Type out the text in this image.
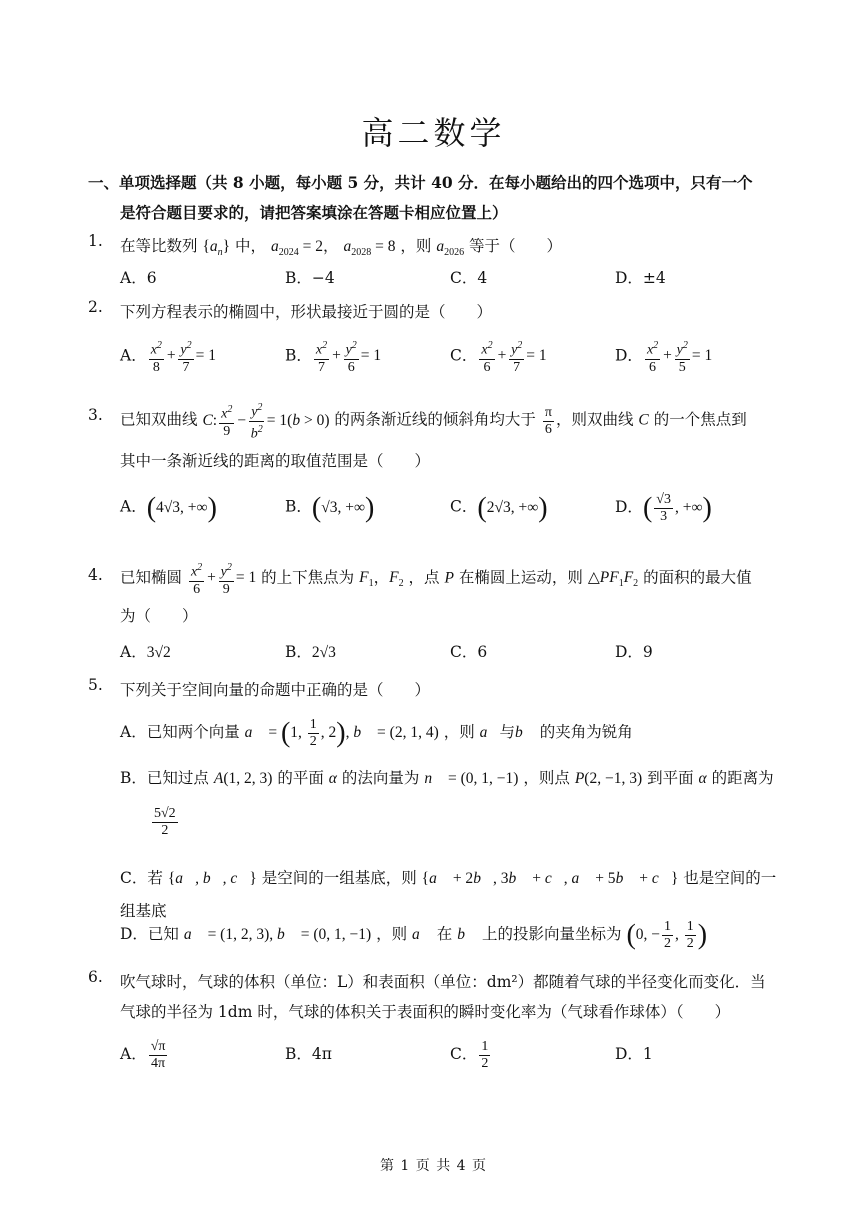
高二数学
一、单项选择题（共 8 小题，每小题 5 分，共计 40 分．在每小题给出的四个选项中，只有一个
是符合题目要求的，请把答案填涂在答题卡相应位置上）
1.	在等比数列 $\{a_n\}$ 中， $a_{2024} = 2$， $a_{2028} = 8$ ，则 $a_{2026}$ 等于（　　）
A．6	B．−4	C．4	D．±4
2.	下列方程表示的椭圆中，形状最接近于圆的是（　　）
A． $\frac{x^2}{8} + \frac{y^2}{7} = 1$	B． $\frac{x^2}{7} + \frac{y^2}{6} = 1$	C． $\frac{x^2}{6} + \frac{y^2}{7} = 1$	D． $\frac{x^2}{6} + \frac{y^2}{5} = 1$
3.	已知双曲线 C: $\frac{x^2}{9} - \frac{y^2}{b^2} = 1(b > 0)$ 的两条渐近线的倾斜角均大于 $\frac{\pi}{6}$ ，则双曲线 C 的一个焦点到
其中一条渐近线的距离的取值范围是（　　）
A．(4√3, +∞)	B．(√3, +∞)	C．(2√3, +∞)	D．( $\frac{√3}{3}$ , +∞)
4.	已知椭圆 $\frac{x^2}{6} + \frac{y^2}{9} = 1$ 的上下焦点为 $F_1$，$F_2$ ，点 P 在椭圆上运动，则 $\triangle PF_1F_2$ 的面积的最大值
为（　　）
A．3√2	B．2√3	C．6	D．9
5.	下列关于空间向量的命题中正确的是（　　）
A．已知两个向量 a⃗ = (1, $\frac{1}{2}$ , 2), b⃗ = (2, 1, 4) ，则 a⃗与b⃗ 的夹角为锐角
B．已知过点 A(1, 2, 3) 的平面 α 的法向量为 n⃗ = (0, 1, −1) ，则点 P(2, −1, 3) 到平面 α 的距离为
$\frac{5√2}{2}$
C．若 {a⃗, b⃗, c⃗} 是空间的一组基底，则 {a⃗ + 2b⃗, 3b⃗ + c⃗, a⃗ + 5b⃗ + c⃗} 也是空间的一组基底
D．已知 a⃗ = (1, 2, 3), b⃗ = (0, 1, −1) ，则 a⃗ 在 b⃗ 上的投影向量坐标为 (0, − $\frac{1}{2}$ , $\frac{1}{2}$ )
6.	吹气球时，气球的体积（单位：L）和表面积（单位：dm²）都随着气球的半径变化而变化．当
气球的半径为 1dm 时，气球的体积关于表面积的瞬时变化率为（气球看作球体）（　　）
A． $\frac{√\pi}{4\pi}$	B．4π	C． $\frac{1}{2}$	D．1
第 1 页 共 4 页
